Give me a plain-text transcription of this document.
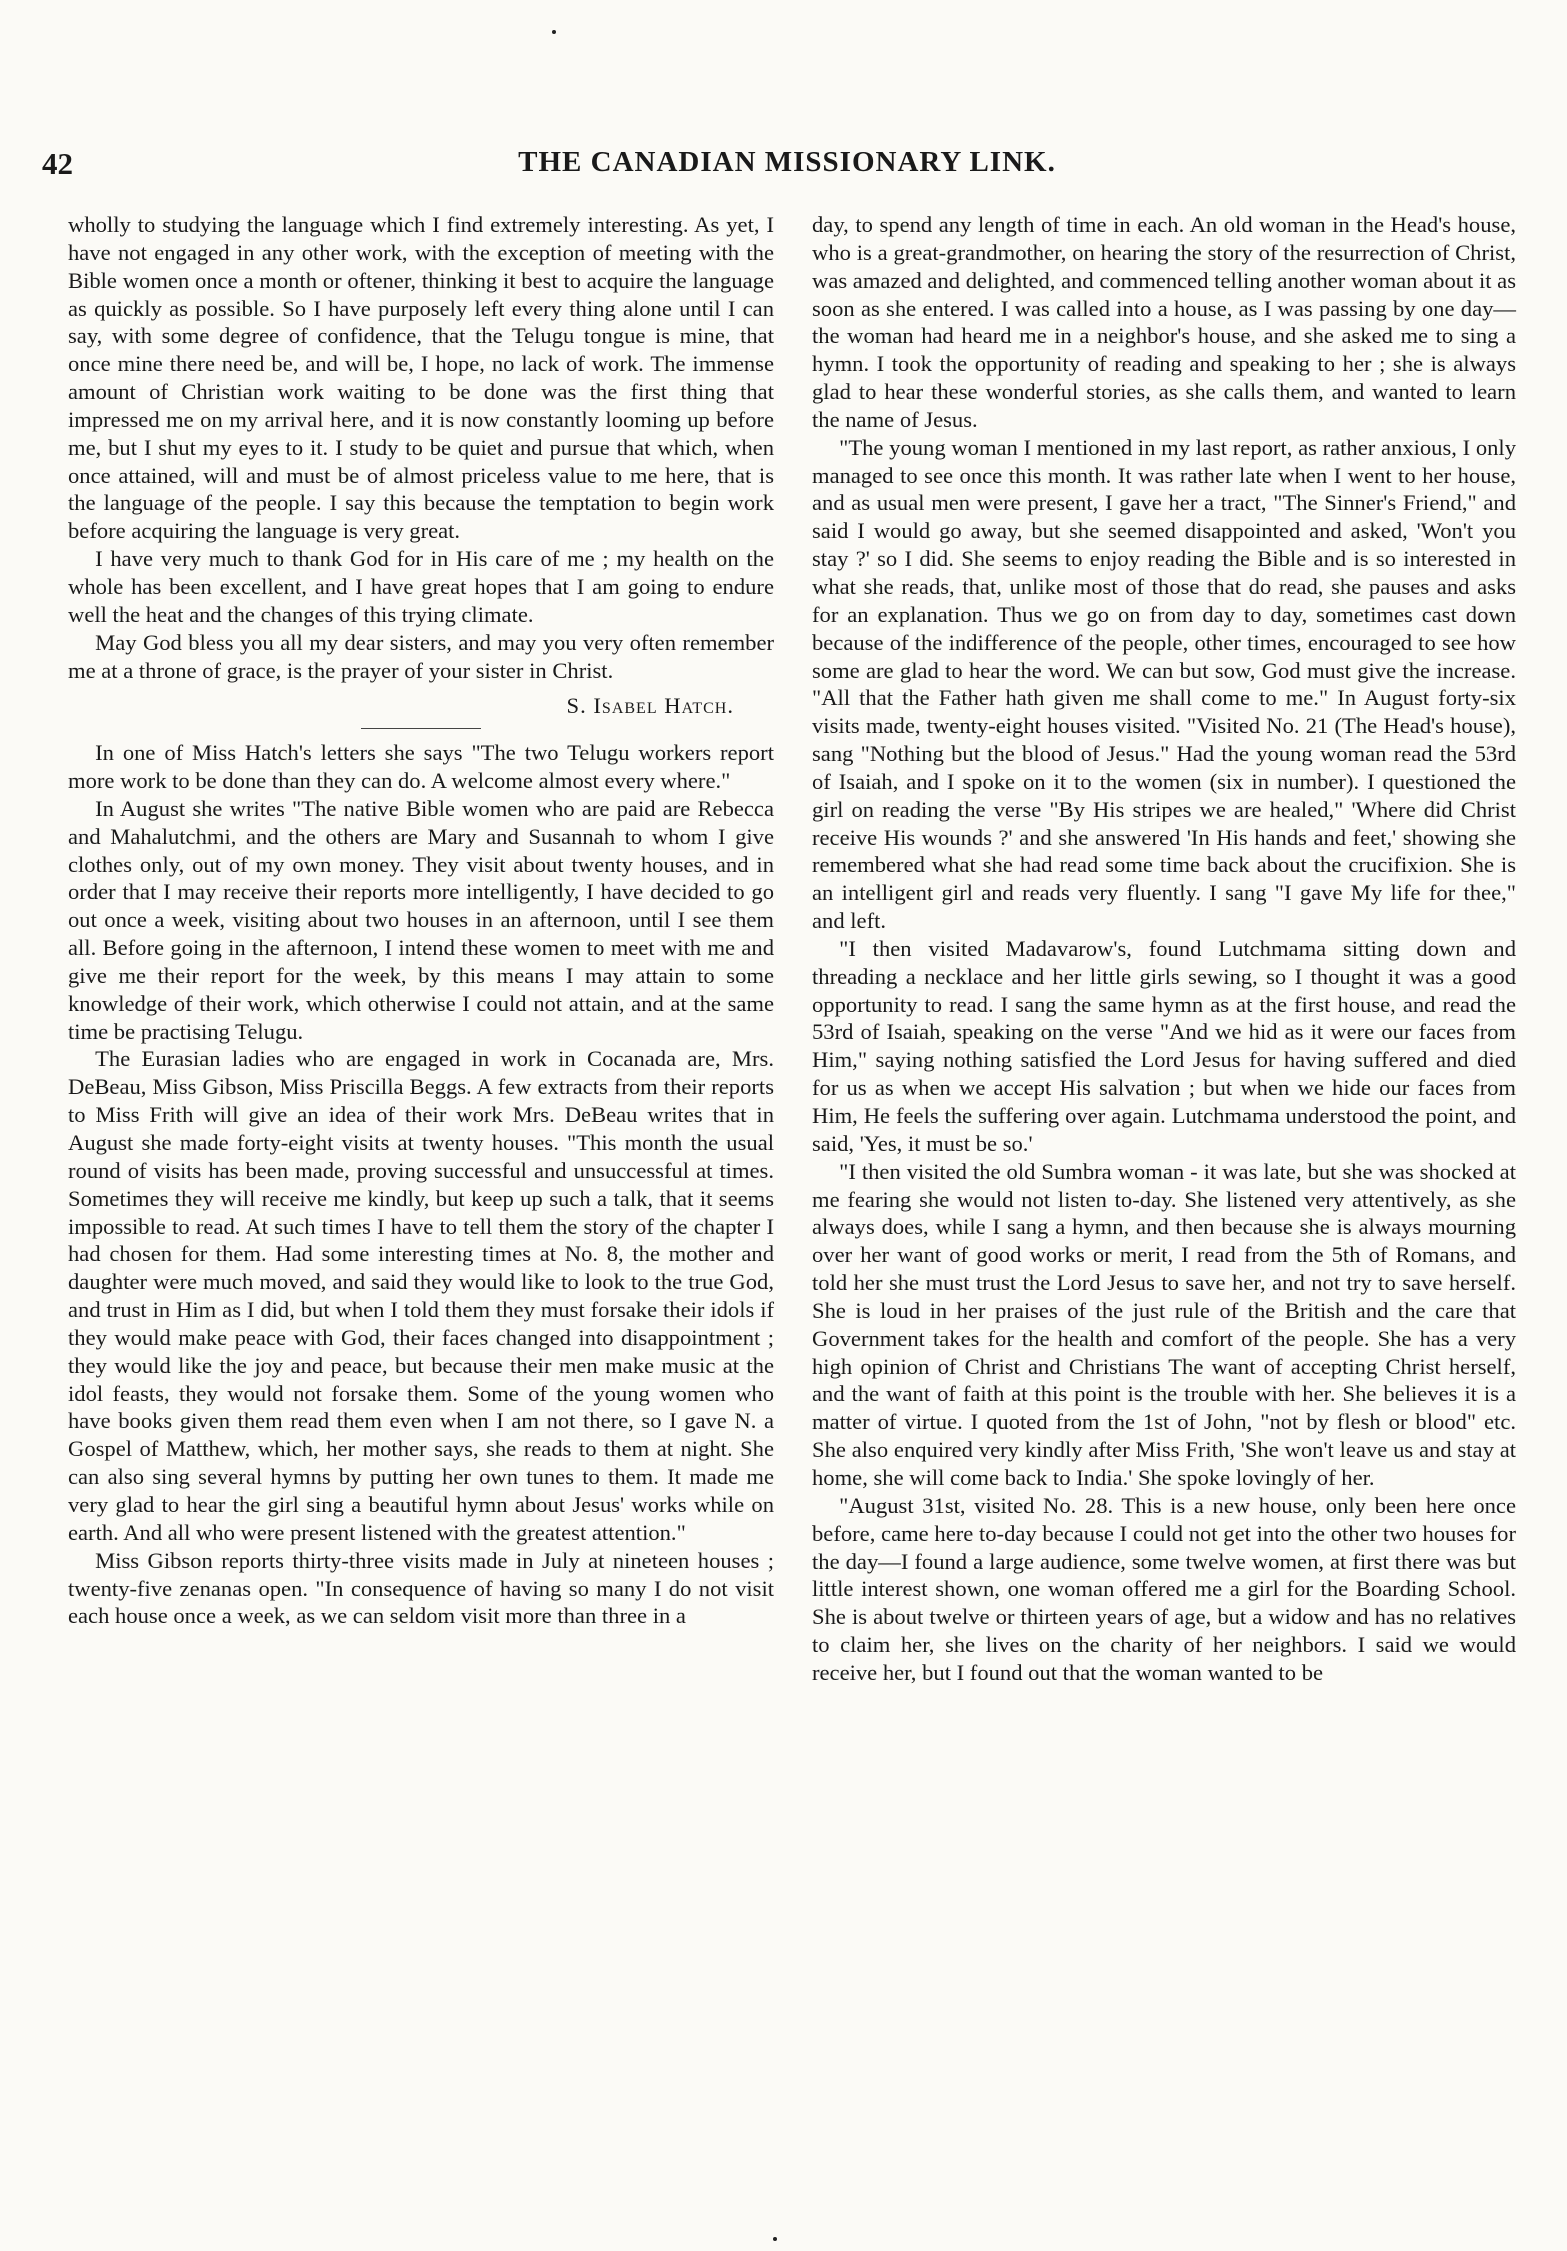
42	THE CANADIAN MISSIONARY LINK.

wholly to studying the language which I find extremely interesting. As yet, I have not engaged in any other work, with the exception of meeting with the Bible women once a month or oftener, thinking it best to acquire the language as quickly as possible. So I have purposely left every thing alone until I can say, with some degree of confidence, that the Telugu tongue is mine, that once mine there need be, and will be, I hope, no lack of work. The immense amount of Christian work waiting to be done was the first thing that impressed me on my arrival here, and it is now constantly looming up before me, but I shut my eyes to it. I study to be quiet and pursue that which, when once attained, will and must be of almost priceless value to me here, that is the language of the people. I say this because the temptation to begin work before acquiring the language is very great.

I have very much to thank God for in His care of me ; my health on the whole has been excellent, and I have great hopes that I am going to endure well the heat and the changes of this trying climate.

May God bless you all my dear sisters, and may you very often remember me at a throne of grace, is the prayer of your sister in Christ.

S. Isabel Hatch.

In one of Miss Hatch's letters she says "The two Telugu workers report more work to be done than they can do. A welcome almost every where."

In August she writes "The native Bible women who are paid are Rebecca and Mahalutchmi, and the others are Mary and Susannah to whom I give clothes only, out of my own money. They visit about twenty houses, and in order that I may receive their reports more intelligently, I have decided to go out once a week, visiting about two houses in an afternoon, until I see them all. Before going in the afternoon, I intend these women to meet with me and give me their report for the week, by this means I may attain to some knowledge of their work, which otherwise I could not attain, and at the same time be practising Telugu.

The Eurasian ladies who are engaged in work in Cocanada are, Mrs. DeBeau, Miss Gibson, Miss Priscilla Beggs. A few extracts from their reports to Miss Frith will give an idea of their work Mrs. DeBeau writes that in August she made forty-eight visits at twenty houses. "This month the usual round of visits has been made, proving successful and unsuccessful at times. Sometimes they will receive me kindly, but keep up such a talk, that it seems impossible to read. At such times I have to tell them the story of the chapter I had chosen for them. Had some interesting times at No. 8, the mother and daughter were much moved, and said they would like to look to the true God, and trust in Him as I did, but when I told them they must forsake their idols if they would make peace with God, their faces changed into disappointment ; they would like the joy and peace, but because their men make music at the idol feasts, they would not forsake them. Some of the young women who have books given them read them even when I am not there, so I gave N. a Gospel of Matthew, which, her mother says, she reads to them at night. She can also sing several hymns by putting her own tunes to them. It made me very glad to hear the girl sing a beautiful hymn about Jesus' works while on earth. And all who were present listened with the greatest attention."

Miss Gibson reports thirty-three visits made in July at nineteen houses ; twenty-five zenanas open. "In consequence of having so many I do not visit each house once a week, as we can seldom visit more than three in a

day, to spend any length of time in each. An old woman in the Head's house, who is a great-grandmother, on hearing the story of the resurrection of Christ, was amazed and delighted, and commenced telling another woman about it as soon as she entered. I was called into a house, as I was passing by one day— the woman had heard me in a neighbor's house, and she asked me to sing a hymn. I took the opportunity of reading and speaking to her ; she is always glad to hear these wonderful stories, as she calls them, and wanted to learn the name of Jesus.

"The young woman I mentioned in my last report, as rather anxious, I only managed to see once this month. It was rather late when I went to her house, and as usual men were present, I gave her a tract, "The Sinner's Friend," and said I would go away, but she seemed disappointed and asked, 'Won't you stay ?' so I did. She seems to enjoy reading the Bible and is so interested in what she reads, that, unlike most of those that do read, she pauses and asks for an explanation. Thus we go on from day to day, sometimes cast down because of the indifference of the people, other times, encouraged to see how some are glad to hear the word. We can but sow, God must give the increase. "All that the Father hath given me shall come to me." In August forty-six visits made, twenty-eight houses visited. "Visited No. 21 (The Head's house), sang "Nothing but the blood of Jesus." Had the young woman read the 53rd of Isaiah, and I spoke on it to the women (six in number). I questioned the girl on reading the verse "By His stripes we are healed," 'Where did Christ receive His wounds ?' and she answered 'In His hands and feet,' showing she remembered what she had read some time back about the crucifixion. She is an intelligent girl and reads very fluently. I sang "I gave My life for thee," and left.

"I then visited Madavarow's, found Lutchmama sitting down and threading a necklace and her little girls sewing, so I thought it was a good opportunity to read. I sang the same hymn as at the first house, and read the 53rd of Isaiah, speaking on the verse "And we hid as it were our faces from Him," saying nothing satisfied the Lord Jesus for having suffered and died for us as when we accept His salvation ; but when we hide our faces from Him, He feels the suffering over again. Lutchmama understood the point, and said, 'Yes, it must be so.'

"I then visited the old Sumbra woman - it was late, but she was shocked at me fearing she would not listen to-day. She listened very attentively, as she always does, while I sang a hymn, and then because she is always mourning over her want of good works or merit, I read from the 5th of Romans, and told her she must trust the Lord Jesus to save her, and not try to save herself. She is loud in her praises of the just rule of the British and the care that Government takes for the health and comfort of the people. She has a very high opinion of Christ and Christians The want of accepting Christ herself, and the want of faith at this point is the trouble with her. She believes it is a matter of virtue. I quoted from the 1st of John, "not by flesh or blood" etc. She also enquired very kindly after Miss Frith, 'She won't leave us and stay at home, she will come back to India.' She spoke lovingly of her.

"August 31st, visited No. 28. This is a new house, only been here once before, came here to-day because I could not get into the other two houses for the day—I found a large audience, some twelve women, at first there was but little interest shown, one woman offered me a girl for the Boarding School. She is about twelve or thirteen years of age, but a widow and has no relatives to claim her, she lives on the charity of her neighbors. I said we would receive her, but I found out that the woman wanted to be
